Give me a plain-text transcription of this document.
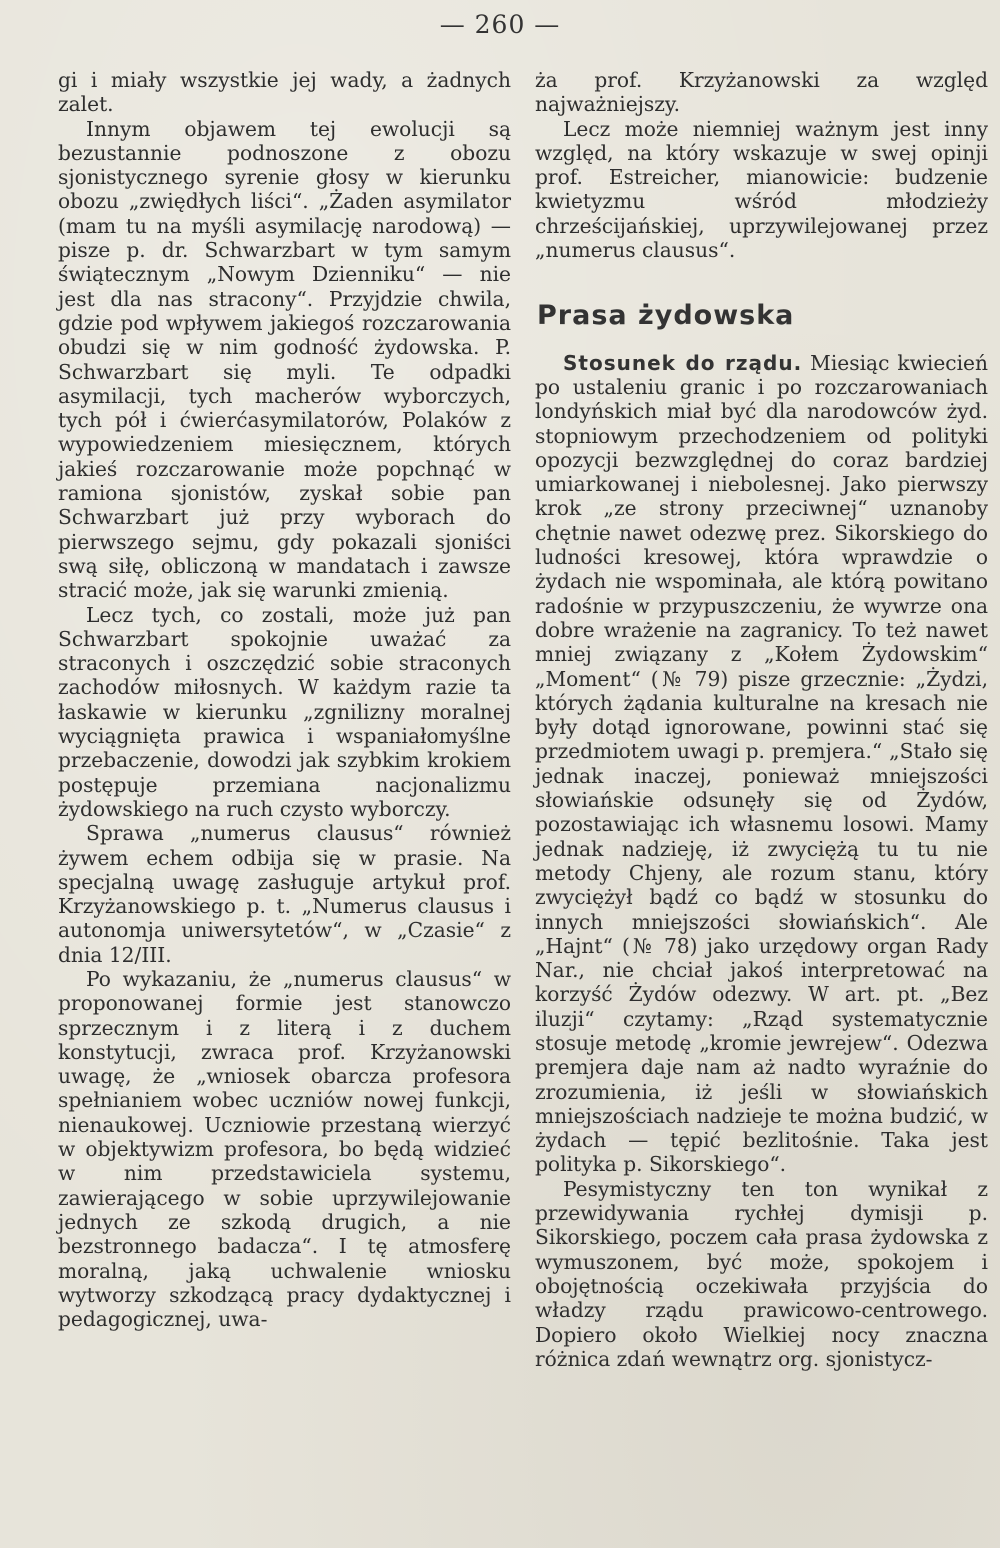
— 260 —

gi i miały wszystkie jej wady, a żadnych zalet.

Innym objawem tej ewolucji są bezustannie podnoszone z obozu sjonistycznego syrenie głosy w kierunku obozu „zwiędłych liści“. „Żaden asymilator (mam tu na myśli asymilację narodową) — pisze p. dr. Schwarzbart w tym samym świątecznym „Nowym Dzienniku“ — nie jest dla nas stracony“. Przyjdzie chwila, gdzie pod wpływem jakiegoś rozczarowania obudzi się w nim godność żydowska. P. Schwarzbart się myli. Te odpadki asymilacji, tych macherów wyborczych, tych pół i ćwierćasymilatorów, Polaków z wypowiedzeniem miesięcznem, których jakieś rozczarowanie może popchnąć w ramiona sjonistów, zyskał sobie pan Schwarzbart już przy wyborach do pierwszego sejmu, gdy pokazali sjoniści swą siłę, obliczoną w mandatach i zawsze stracić może, jak się warunki zmienią.

Lecz tych, co zostali, może już pan Schwarzbart spokojnie uważać za straconych i oszczędzić sobie straconych zachodów miłosnych. W każdym razie ta łaskawie w kierunku „zgnilizny moralnej wyciągnięta prawica i wspaniałomyślne przebaczenie, dowodzi jak szybkim krokiem postępuje przemiana nacjonalizmu żydowskiego na ruch czysto wyborczy.

Sprawa „numerus clausus“ również żywem echem odbija się w prasie. Na specjalną uwagę zasługuje artykuł prof. Krzyżanowskiego p. t. „Numerus clausus i autonomja uniwersytetów“, w „Czasie“ z dnia 12/III.

Po wykazaniu, że „numerus clausus“ w proponowanej formie jest stanowczo sprzecznym i z literą i z duchem konstytucji, zwraca prof. Krzyżanowski uwagę, że „wniosek obarcza profesora spełnianiem wobec uczniów nowej funkcji, nienaukowej. Uczniowie przestaną wierzyć w objektywizm profesora, bo będą widzieć w nim przedstawiciela systemu, zawierającego w sobie uprzywilejowanie jednych ze szkodą drugich, a nie bezstronnego badacza“. I tę atmosferę moralną, jaką uchwalenie wniosku wytworzy szkodzącą pracy dydaktycznej i pedagogicznej, uwa-

ża prof. Krzyżanowski za względ najważniejszy.

Lecz może niemniej ważnym jest inny względ, na który wskazuje w swej opinji prof. Estreicher, mianowicie: budzenie kwietyzmu wśród młodzieży chrześcijańskiej, uprzywilejowanej przez „numerus clausus“.

Prasa żydowska

Stosunek do rządu. Miesiąc kwiecień po ustaleniu granic i po rozczarowaniach londyńskich miał być dla narodowców żyd. stopniowym przechodzeniem od polityki opozycji bezwzględnej do coraz bardziej umiarkowanej i niebolesnej. Jako pierwszy krok „ze strony przeciwnej“ uznanoby chętnie nawet odezwę prez. Sikorskiego do ludności kresowej, która wprawdzie o żydach nie wspominała, ale którą powitano radośnie w przypuszczeniu, że wywrze ona dobre wrażenie na zagranicy. To też nawet mniej związany z „Kołem Żydowskim“ „Moment“ (№ 79) pisze grzecznie: „Żydzi, których żądania kulturalne na kresach nie były dotąd ignorowane, powinni stać się przedmiotem uwagi p. premjera.“ „Stało się jednak inaczej, ponieważ mniejszości słowiańskie odsunęły się od Żydów, pozostawiając ich własnemu losowi. Mamy jednak nadzieję, iż zwyciężą tu tu nie metody Chjeny, ale rozum stanu, który zwyciężył bądź co bądź w stosunku do innych mniejszości słowiańskich“. Ale „Hajnt“ (№ 78) jako urzędowy organ Rady Nar., nie chciał jakoś interpretować na korzyść Żydów odezwy. W art. pt. „Bez iluzji“ czytamy: „Rząd systematycznie stosuje metodę „kromie jewrejew“. Odezwa premjera daje nam aż nadto wyraźnie do zrozumienia, iż jeśli w słowiańskich mniejszościach nadzieje te można budzić, w żydach — tępić bezlitośnie. Taka jest polityka p. Sikorskiego“.

Pesymistyczny ten ton wynikał z przewidywania rychłej dymisji p. Sikorskiego, poczem cała prasa żydowska z wymuszonem, być może, spokojem i obojętnością oczekiwała przyjścia do władzy rządu prawicowo-centrowego. Dopiero około Wielkiej nocy znaczna różnica zdań wewnątrz org. sjonistycz-
